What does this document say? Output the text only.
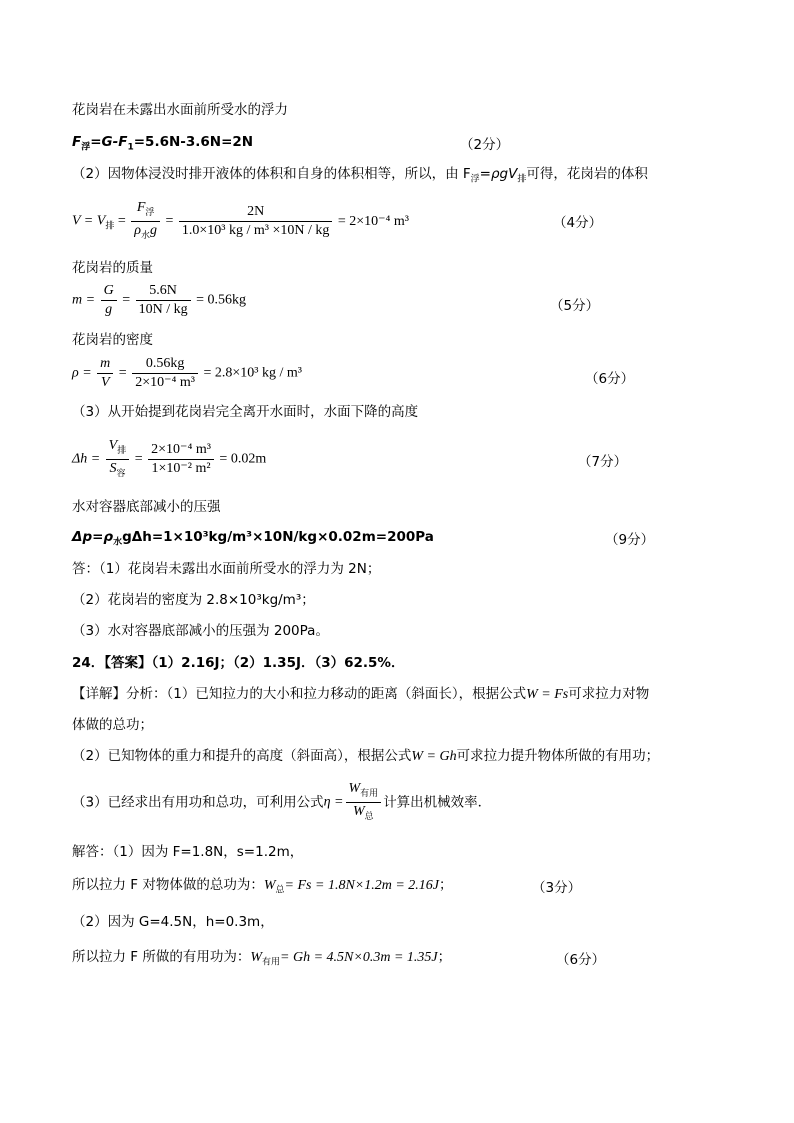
花岗岩在未露出水面前所受水的浮力
$F_浮=G-F_1=5.6N-3.6N=2N$	（2分）
（2）因物体浸没时排开液体的体积和自身的体积相等，所以，由 $F_浮=\rho gV_排$可得，花岗岩的体积
$V = V_排 = \frac{F_浮}{\rho_水g} = \frac{2N}{\text{1.0×10³ kg / m³ ×10N / kg}} = 2\times 10^{-4}$ m³	（4分）
花岗岩的质量
$m = \frac{G}{g} = \frac{5.6N}{10N / kg} = 0.56kg$	（5分）
花岗岩的密度
$\rho = \frac{m}{V} = \frac{0.56kg}{\text{2×10⁻⁴ m³}} = 2.8\times 10^3$ kg / m³	（6分）
（3）从开始提到花岗岩完全离开水面时，水面下降的高度
$\Delta h = \frac{V_排}{S_容} = \frac{\text{2×10⁻⁴ m³}}{\text{1×10⁻² m²}} = 0.02m$	（7分）
水对容器底部减小的压强
$\Delta p=\rho_水g\Delta h=1\times 10^3kg/m^3\times 10N/kg\times 0.02m=200Pa$	（9分）
答：（1）花岗岩未露出水面前所受水的浮力为 2N；
（2）花岗岩的密度为 2.8×10³kg/m³；
（3）水对容器底部减小的压强为 200Pa。
24．【答案】（1）2.16J；（2）1.35J．（3）62.5%．
【详解】分析：（1）已知拉力的大小和拉力移动的距离（斜面长），根据公式W = Fs可求拉力对物
体做的总功；
（2）已知物体的重力和提升的高度（斜面高），根据公式W = Gh可求拉力提升物体所做的有用功；
（3）已经求出有用功和总功，可利用公式$\eta = \frac{W_{有用}}{W_总}$ 计算出机械效率．
解答：（1）因为 F=1.8N，s=1.2m，
所以拉力 F 对物体做的总功为：$W_总= Fs = 1.8N\times 1.2m = 2.16J$；	（3分）
（2）因为 G=4.5N，h=0.3m，
所以拉力 F 所做的有用功为：$W_{有用}= Gh = 4.5N\times 0.3m = 1.35J$；	（6分）
